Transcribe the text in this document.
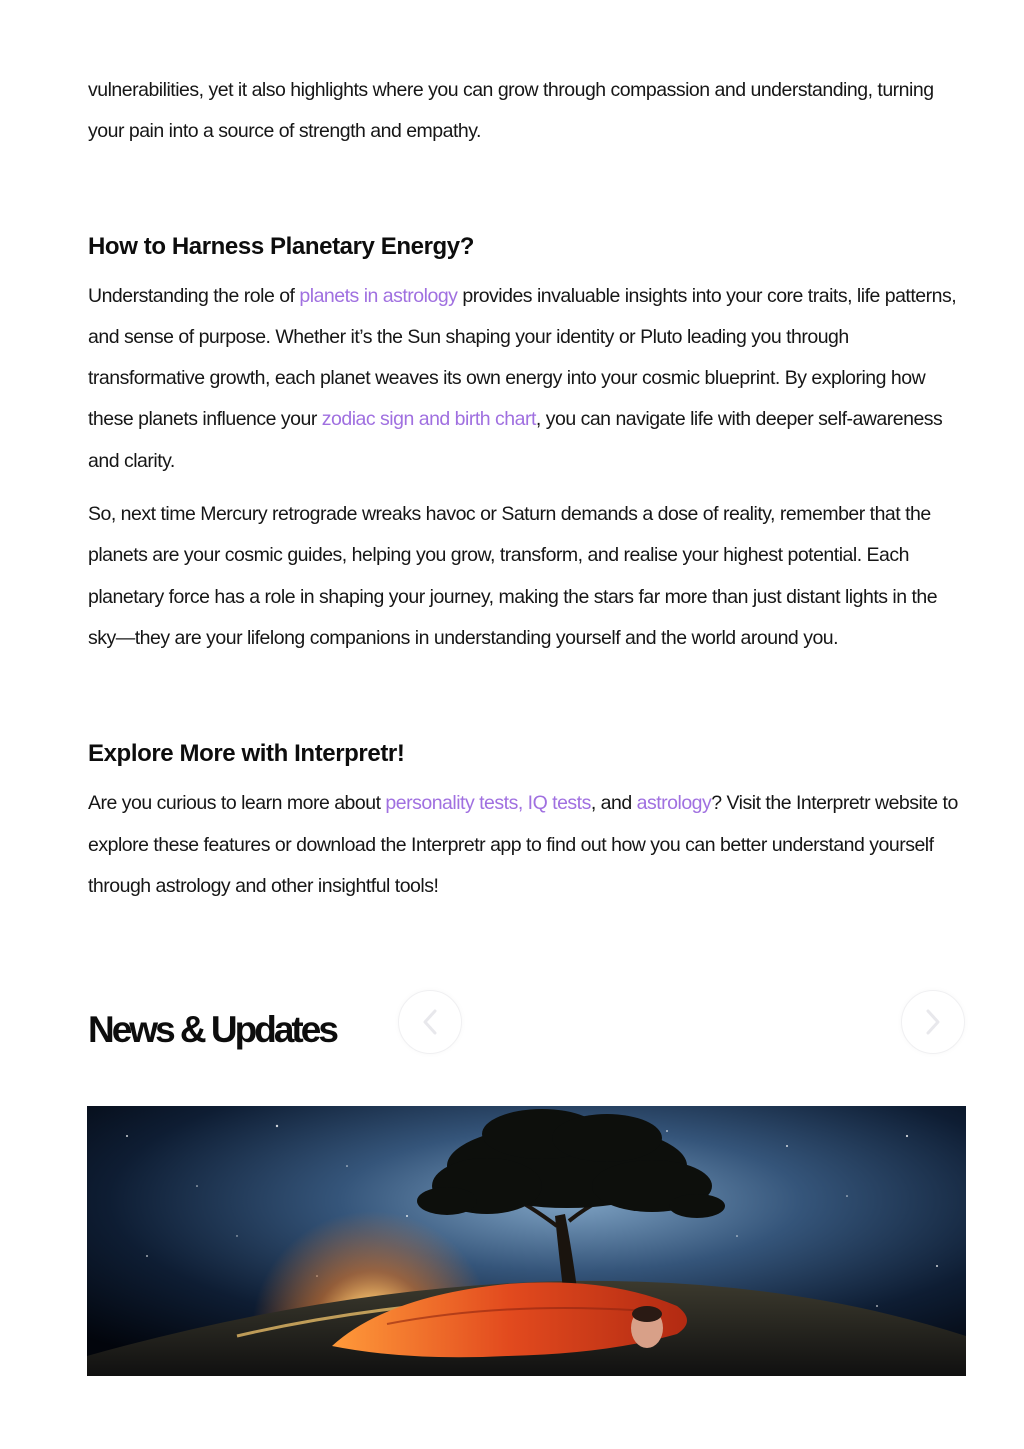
vulnerabilities, yet it also highlights where you can grow through compassion and understanding, turning your pain into a source of strength and empathy.

How to Harness Planetary Energy?

Understanding the role of planets in astrology provides invaluable insights into your core traits, life patterns, and sense of purpose. Whether it’s the Sun shaping your identity or Pluto leading you through transformative growth, each planet weaves its own energy into your cosmic blueprint. By exploring how these planets influence your zodiac sign and birth chart, you can navigate life with deeper self-awareness and clarity.

So, next time Mercury retrograde wreaks havoc or Saturn demands a dose of reality, remember that the planets are your cosmic guides, helping you grow, transform, and realise your highest potential. Each planetary force has a role in shaping your journey, making the stars far more than just distant lights in the sky—they are your lifelong companions in understanding yourself and the world around you.

Explore More with Interpretr!

Are you curious to learn more about personality tests, IQ tests, and astrology? Visit the Interpretr website to explore these features or download the Interpretr app to find out how you can better understand yourself through astrology and other insightful tools!

News & Updates
